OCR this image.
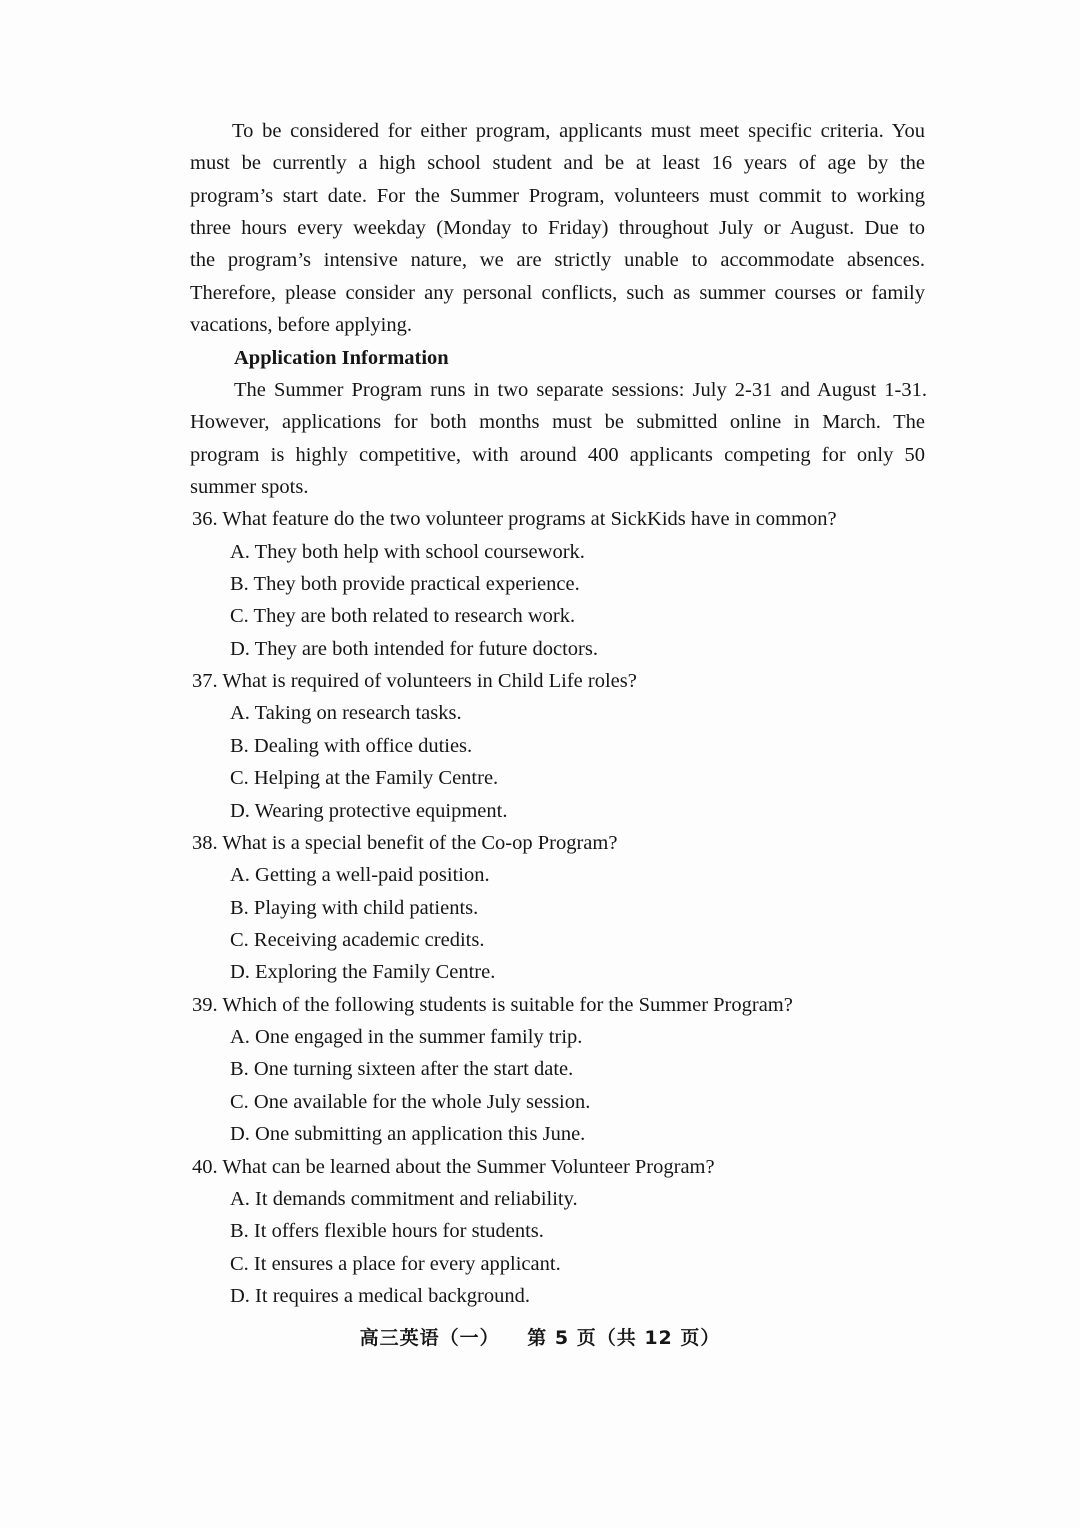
To be considered for either program, applicants must meet specific criteria. You
must be currently a high school student and be at least 16 years of age by the
program’s start date. For the Summer Program, volunteers must commit to working
three hours every weekday (Monday to Friday) throughout July or August. Due to
the program’s intensive nature, we are strictly unable to accommodate absences.
Therefore, please consider any personal conflicts, such as summer courses or family
vacations, before applying.
Application Information
The Summer Program runs in two separate sessions: July 2-31 and August 1-31.
However, applications for both months must be submitted online in March. The
program is highly competitive, with around 400 applicants competing for only 50
summer spots.
36. What feature do the two volunteer programs at SickKids have in common?
A. They both help with school coursework.
B. They both provide practical experience.
C. They are both related to research work.
D. They are both intended for future doctors.
37. What is required of volunteers in Child Life roles?
A. Taking on research tasks.
B. Dealing with office duties.
C. Helping at the Family Centre.
D. Wearing protective equipment.
38. What is a special benefit of the Co-op Program?
A. Getting a well-paid position.
B. Playing with child patients.
C. Receiving academic credits.
D. Exploring the Family Centre.
39. Which of the following students is suitable for the Summer Program?
A. One engaged in the summer family trip.
B. One turning sixteen after the start date.
C. One available for the whole July session.
D. One submitting an application this June.
40. What can be learned about the Summer Volunteer Program?
A. It demands commitment and reliability.
B. It offers flexible hours for students.
C. It ensures a place for every applicant.
D. It requires a medical background.
高三英语（一） 第 5 页（共 12 页）
